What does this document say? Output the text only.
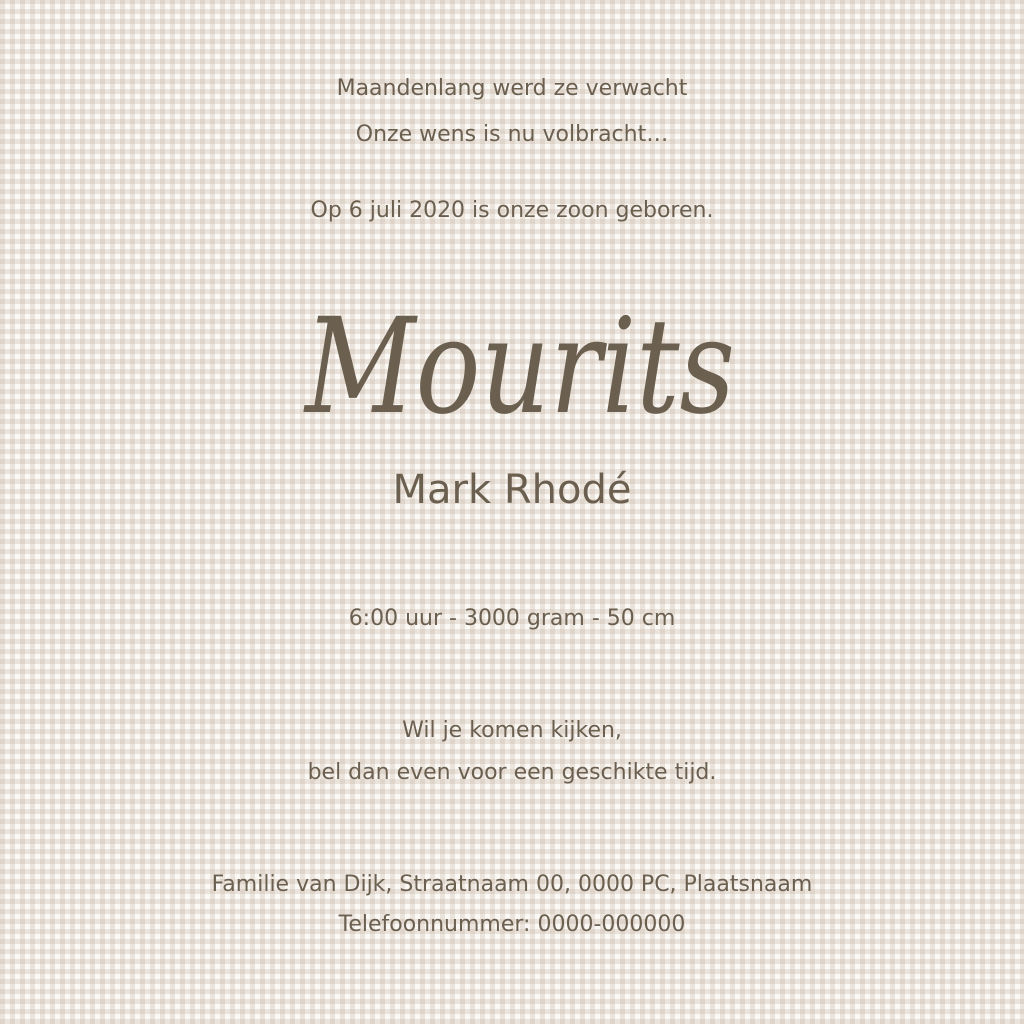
Maandenlang werd ze verwacht
Onze wens is nu volbracht…
Op 6 juli 2020 is onze zoon geboren.
Mourits
Mark Rhodé
6:00 uur - 3000 gram - 50 cm
Wil je komen kijken,
bel dan even voor een geschikte tijd.
Familie van Dijk, Straatnaam 00, 0000 PC, Plaatsnaam
Telefoonnummer: 0000-000000
